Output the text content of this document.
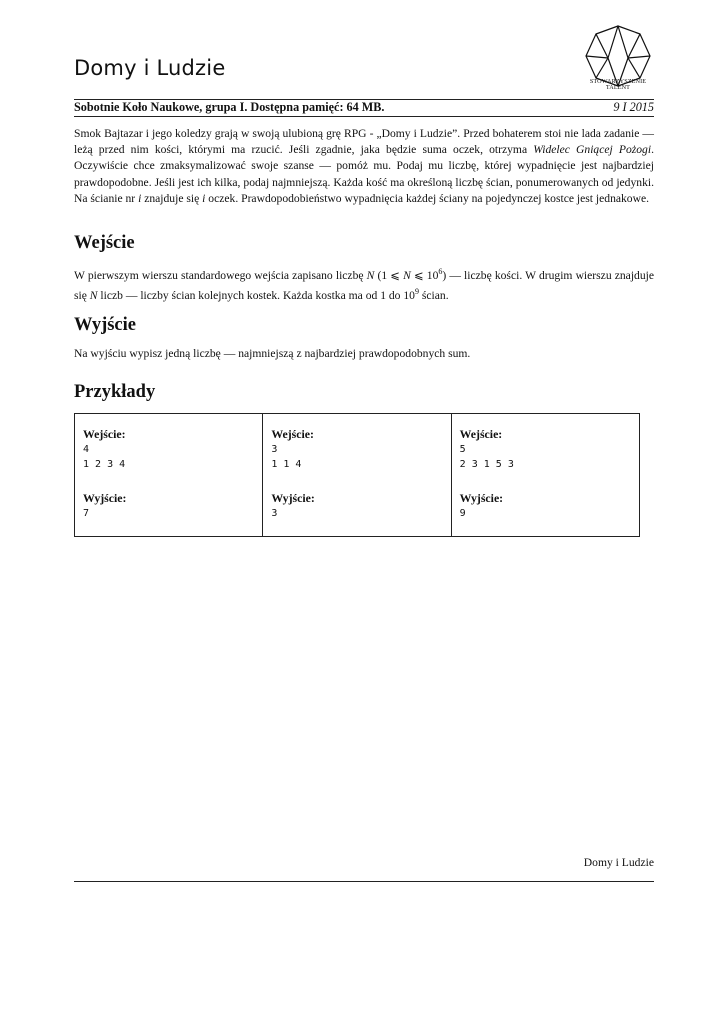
Domy i Ludzie
STOWARZYSZENIE
TALENT
Sobotnie Koło Naukowe, grupa I. Dostępna pamięć: 64 MB.	9 I 2015

Smok Bajtazar i jego koledzy grają w swoją ulubioną grę RPG - „Domy i Ludzie”. Przed bohaterem stoi nie lada zadanie — leżą przed nim kości, którymi ma rzucić. Jeśli zgadnie, jaka będzie suma oczek, otrzyma Widelec Gniącej Pożogi. Oczywiście chce zmaksymalizować swoje szanse — pomóż mu. Podaj mu liczbę, której wypadnięcie jest najbardziej prawdopodobne. Jeśli jest ich kilka, podaj najmniejszą. Każda kość ma określoną liczbę ścian, ponumerowanych od jedynki. Na ścianie nr i znajduje się i oczek. Prawdopodobieństwo wypadnięcia każdej ściany na pojedynczej kostce jest jednakowe.

Wejście

W pierwszym wierszu standardowego wejścia zapisano liczbę N (1 ⩽ N ⩽ $10^6$) — liczbę kości. W drugim wierszu znajduje się N liczb — liczby ścian kolejnych kostek. Każda kostka ma od 1 do $10^9$ ścian.

Wyjście

Na wyjściu wypisz jedną liczbę — najmniejszą z najbardziej prawdopodobnych sum.

Przykłady

Wejście:

4
1 2 3 4

Wyjście:

7

Wejście:

3
1 1 4

Wyjście:

3

Wejście:

5
2 3 1 5 3

Wyjście:

9
Domy i Ludzie
